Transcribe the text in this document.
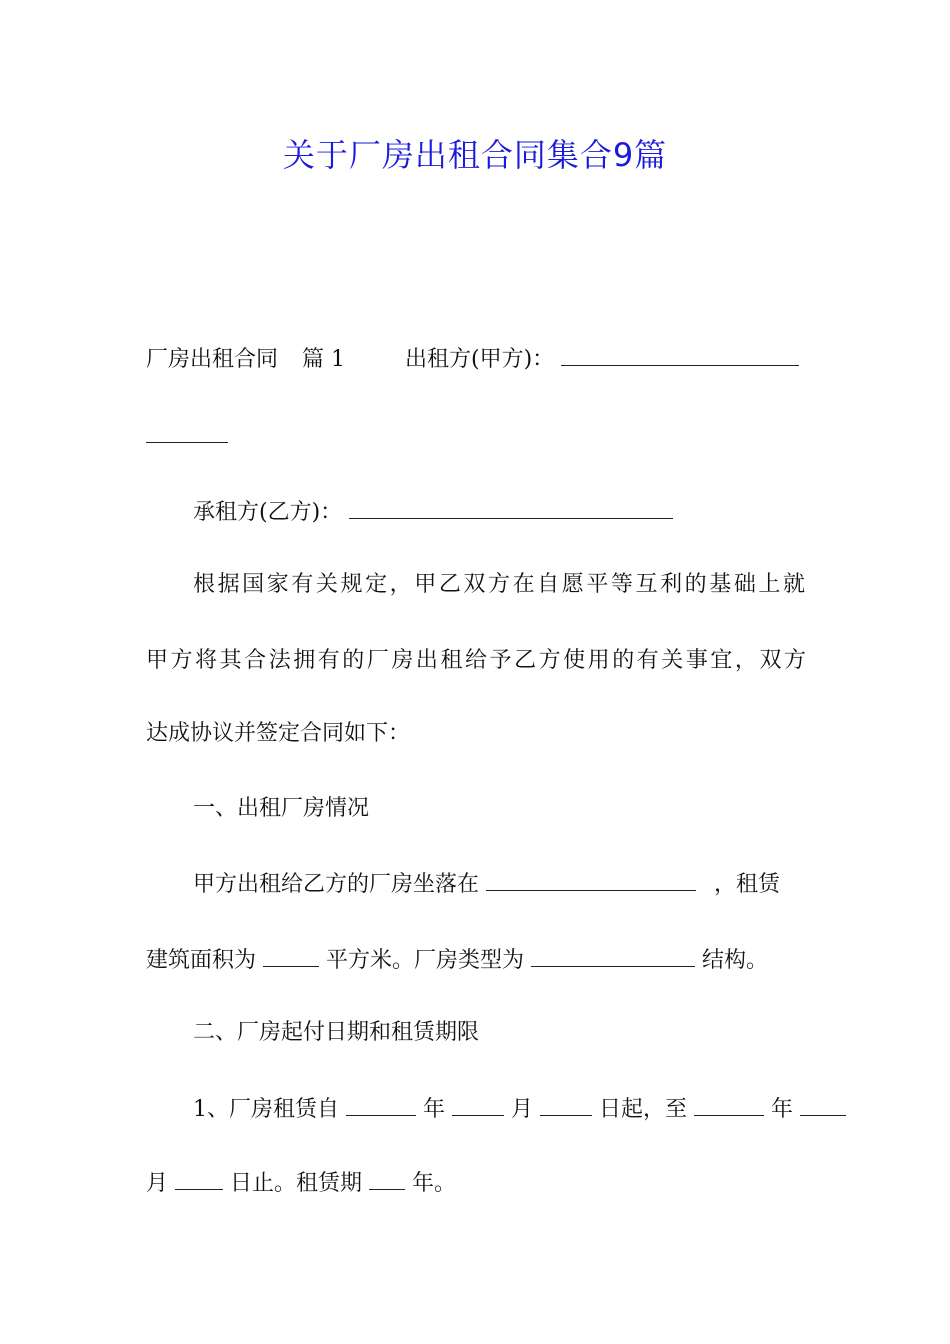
关于厂房出租合同集合9篇
厂房出租合同 篇 1	出租方(甲方)：
承租方(乙方)：
根据国家有关规定，甲乙双方在自愿平等互利的基础上就
甲方将其合法拥有的厂房出租给予乙方使用的有关事宜，双方
达成协议并签定合同如下：
一、出租厂房情况
甲方出租给乙方的厂房坐落在	，租赁
建筑面积为	平方米。厂房类型为	结构。
二、厂房起付日期和租赁期限
1、厂房租赁自	年	月	日起，至	年
月	日止。租赁期 年。
